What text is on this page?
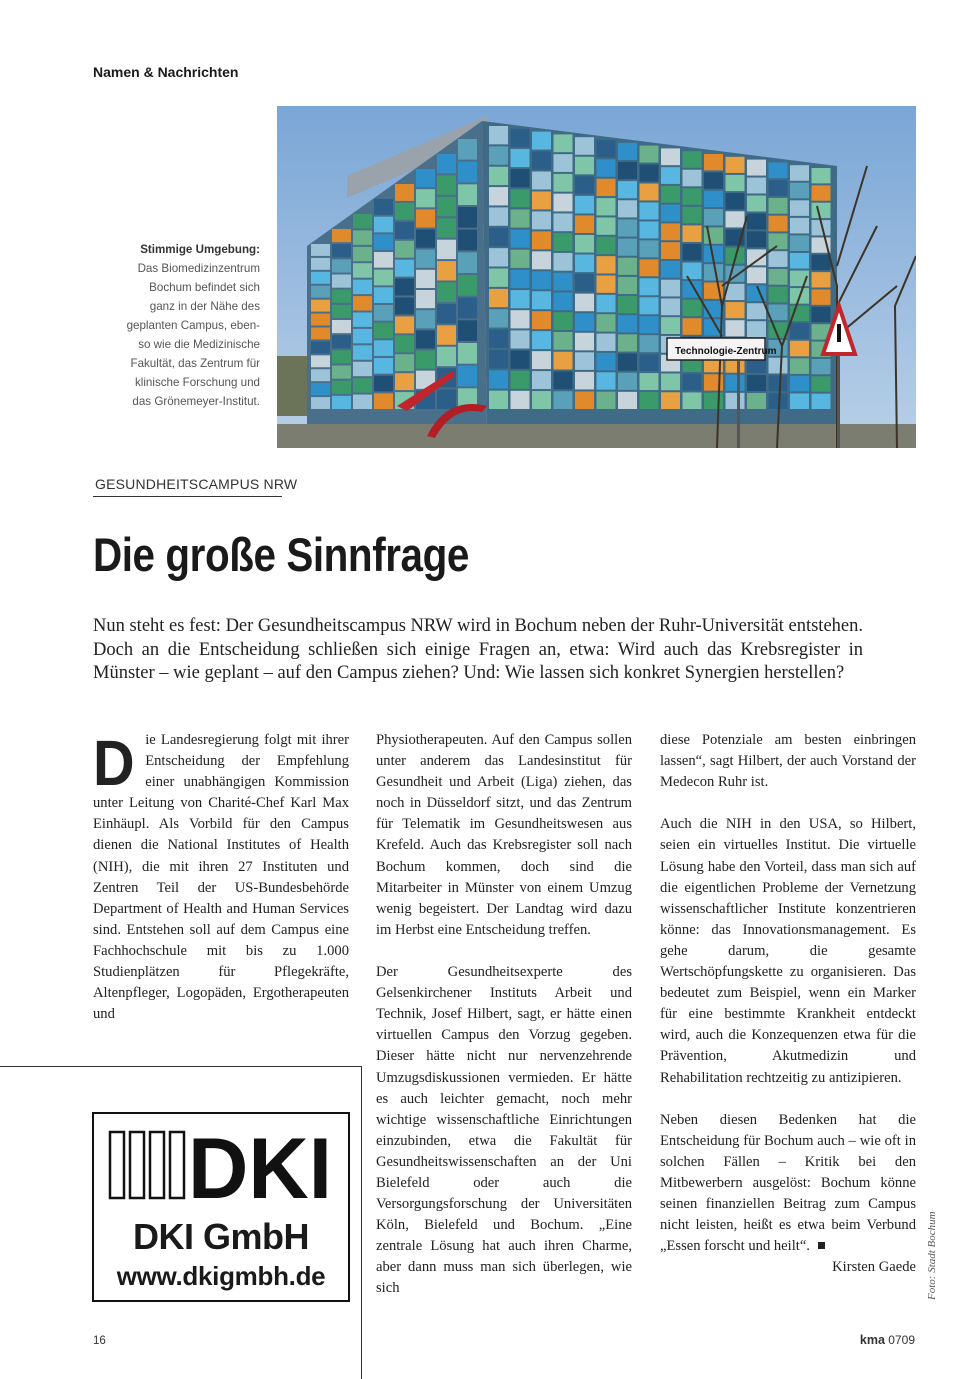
Namen & Nachrichten
Technologie-Zentrum
Stimmige Umgebung:
Das Biomedizinzentrum
Bochum befindet sich
ganz in der Nähe des
geplanten Campus, eben-
so wie die Medizinische
Fakultät, das Zentrum für
klinische Forschung und
das Grönemeyer-Institut.
GESUNDHEITSCAMPUS NRW
Die große Sinnfrage
Nun steht es fest: Der Gesundheitscampus NRW wird in Bochum neben der Ruhr-Universität entstehen. Doch an die Entscheidung schließen sich einige Fragen an, etwa: Wird auch das Krebsregister in Münster – wie geplant – auf den Campus ziehen? Und: Wie lassen sich konkret Synergien herstellen?

Die Landesregierung folgt mit ihrer Entscheidung der Empfehlung einer unabhängigen Kommission unter Leitung von Charité-Chef Karl Max Einhäupl. Als Vorbild für den Campus dienen die National Institutes of Health (NIH), die mit ihren 27 Instituten und Zentren Teil der US-Bundesbehörde Department of Health and Human Services sind. Entstehen soll auf dem Campus eine Fachhochschule mit bis zu 1.000 Studienplätzen für Pflegekräfte, Altenpfleger, Logopäden, Ergotherapeuten und

Physiotherapeuten. Auf den Campus sollen unter anderem das Landesinstitut für Gesundheit und Arbeit (Liga) ziehen, das noch in Düsseldorf sitzt, und das Zentrum für Telematik im Gesundheitswesen aus Krefeld. Auch das Krebsregister soll nach Bochum kommen, doch sind die Mitarbeiter in Münster von einem Umzug wenig begeistert. Der Landtag wird dazu im Herbst eine Entscheidung treffen.

Der Gesundheitsexperte des Gelsenkirchener Instituts Arbeit und Technik, Josef Hilbert, sagt, er hätte einen virtuellen Campus den Vorzug gegeben. Dieser hätte nicht nur nervenzehrende Umzugsdiskussionen vermieden. Er hätte es auch leichter gemacht, noch mehr wichtige wissenschaftliche Einrichtungen einzubinden, etwa die Fakultät für Gesundheitswissenschaften an der Uni Bielefeld oder auch die Versorgungsforschung der Universitäten Köln, Bielefeld und Bochum. „Eine zentrale Lösung hat auch ihren Charme, aber dann muss man sich überlegen, wie sich

diese Potenziale am besten einbringen lassen“, sagt Hilbert, der auch Vorstand der Medecon Ruhr ist.

Auch die NIH in den USA, so Hilbert, seien ein virtuelles Institut. Die virtuelle Lösung habe den Vorteil, dass man sich auf die eigentlichen Probleme der Vernetzung wissenschaftlicher Institute konzentrieren könne: das Innovationsmanagement. Es gehe darum, die gesamte Wertschöpfungskette zu organisieren. Das bedeutet zum Beispiel, wenn ein Marker für eine bestimmte Krankheit entdeckt wird, auch die Konzequenzen etwa für die Prävention, Akutmedizin und Rehabilitation rechtzeitig zu antizipieren.

Neben diesen Bedenken hat die Entscheidung für Bochum auch – wie oft in solchen Fällen – Kritik bei den Mitbewerbern ausgelöst: Bochum könne seinen finanziellen Beitrag zum Campus nicht leisten, heißt es etwa beim Verbund „Essen forscht und heilt“.
Kirsten Gaede

DKI
DKI GmbH
www.dkigmbh.de	Foto: Stadt Bochum
16	kma 0709
